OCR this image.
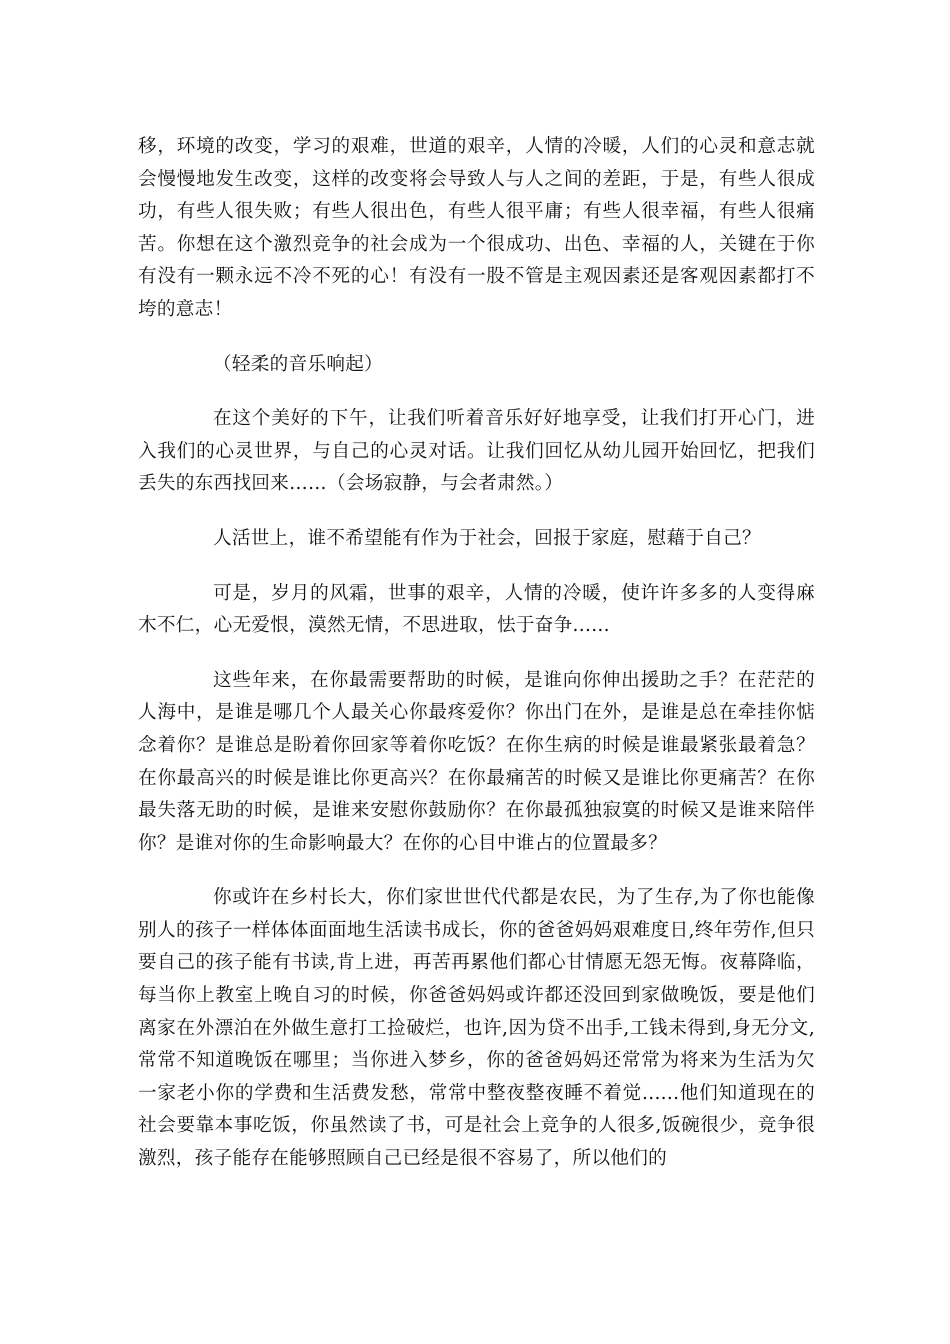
移，环境的改变，学习的艰难，世道的艰辛，人情的冷暖，人们的心灵和意志就会慢慢地发生改变，这样的改变将会导致人与人之间的差距，于是，有些人很成功，有些人很失败；有些人很出色，有些人很平庸；有些人很幸福，有些人很痛苦。你想在这个激烈竞争的社会成为一个很成功、出色、幸福的人，关键在于你有没有一颗永远不冷不死的心！有没有一股不管是主观因素还是客观因素都打不垮的意志！

（轻柔的音乐响起）

在这个美好的下午，让我们听着音乐好好地享受，让我们打开心门，进入我们的心灵世界，与自己的心灵对话。让我们回忆从幼儿园开始回忆，把我们丢失的东西找回来……（会场寂静，与会者肃然。）

人活世上，谁不希望能有作为于社会，回报于家庭，慰藉于自己？

可是，岁月的风霜，世事的艰辛，人情的冷暖，使许许多多的人变得麻木不仁，心无爱恨，漠然无情，不思进取，怯于奋争......

这些年来，在你最需要帮助的时候，是谁向你伸出援助之手？在茫茫的人海中，是谁是哪几个人最关心你最疼爱你？你出门在外，是谁是总在牵挂你惦念着你？是谁总是盼着你回家等着你吃饭？在你生病的时候是谁最紧张最着急？在你最高兴的时候是谁比你更高兴？在你最痛苦的时候又是谁比你更痛苦？在你最失落无助的时候，是谁来安慰你鼓励你？在你最孤独寂寞的时候又是谁来陪伴你？是谁对你的生命影响最大？在你的心目中谁占的位置最多？

你或许在乡村长大，你们家世世代代都是农民，为了生存,为了你也能像别人的孩子一样体体面面地生活读书成长，你的爸爸妈妈艰难度日,终年劳作,但只要自己的孩子能有书读,肯上进，再苦再累他们都心甘情愿无怨无悔。夜幕降临，每当你上教室上晚自习的时候，你爸爸妈妈或许都还没回到家做晚饭，要是他们离家在外漂泊在外做生意打工捡破烂，也许,因为贷不出手,工钱未得到,身无分文,常常不知道晚饭在哪里；当你进入梦乡，你的爸爸妈妈还常常为将来为生活为欠一家老小你的学费和生活费发愁，常常中整夜整夜睡不着觉......他们知道现在的社会要靠本事吃饭，你虽然读了书，可是社会上竞争的人很多,饭碗很少，竞争很激烈，孩子能存在能够照顾自己已经是很不容易了，所以他们的
